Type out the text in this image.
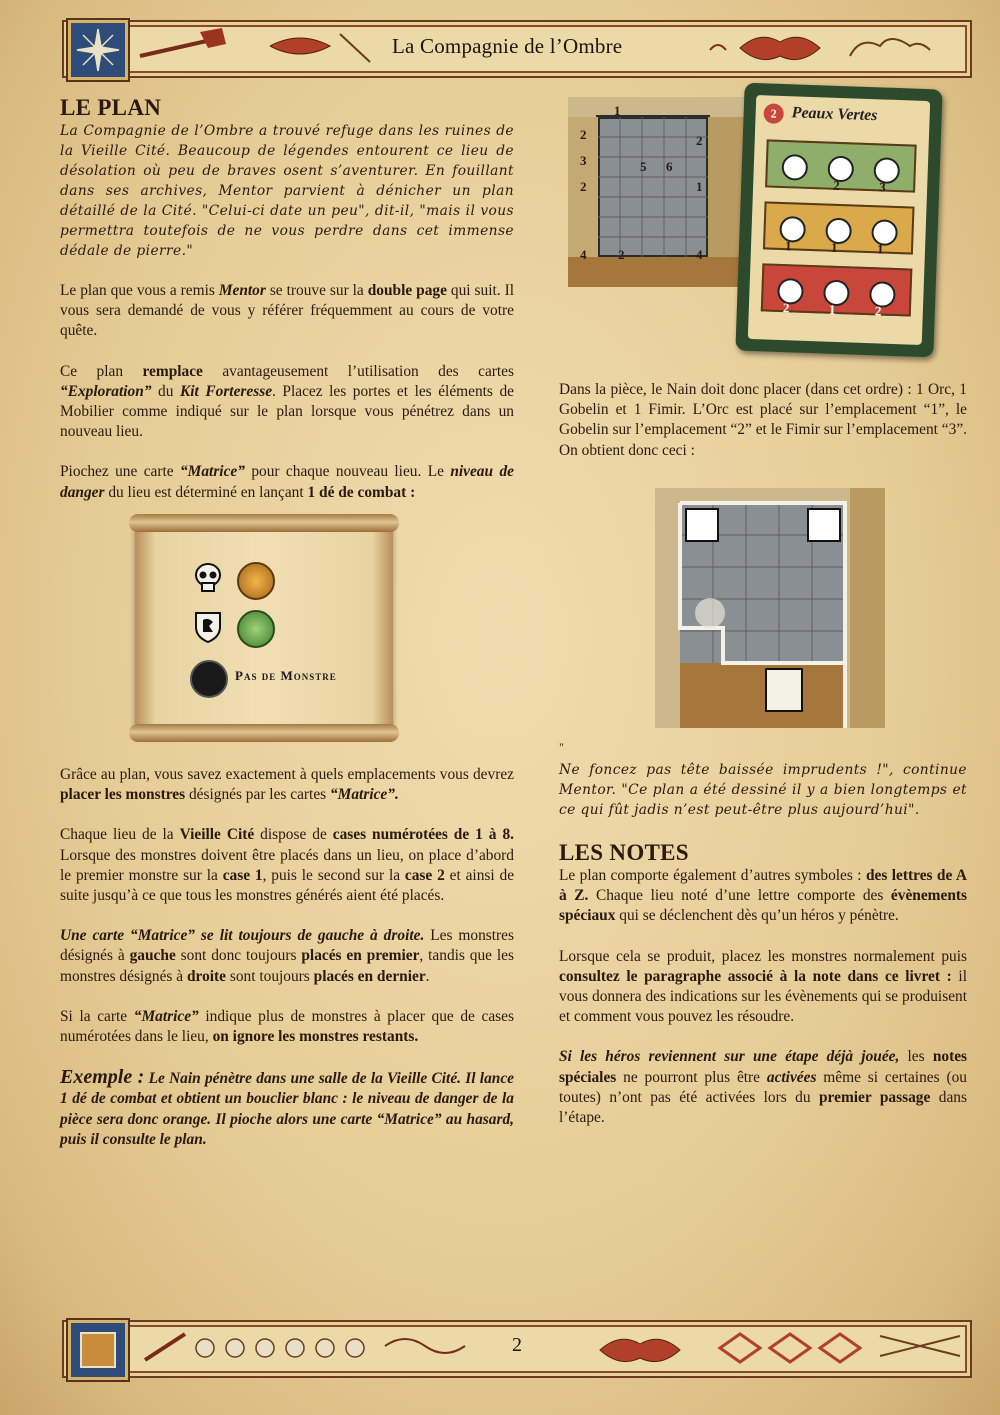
La Compagnie de l’Ombre
LE PLAN

La Compagnie de l’Ombre a trouvé refuge dans les ruines de la Vieille Cité. Beaucoup de légendes entourent ce lieu de désolation où peu de braves osent s’aventurer. En fouillant dans ses archives, Mentor parvient à dénicher un plan détaillé de la Cité. "Celui-ci date un peu", dit-il, "mais il vous permettra toutefois de ne vous perdre dans cet immense dédale de pierre."

Le plan que vous a remis Mentor se trouve sur la double page qui suit. Il vous sera demandé de vous y référer fréquemment au cours de votre quête.

Ce plan remplace avantageusement l’utilisation des cartes “Exploration” du Kit Forteresse. Placez les portes et les éléments de Mobilier comme indiqué sur le plan lorsque vous pénétrez dans un nouveau lieu.

Piochez une carte “Matrice” pour chaque nouveau lieu. Le niveau de danger du lieu est déterminé en lançant 1 dé de combat :

Pas de Monstre

Grâce au plan, vous savez exactement à quels emplacements vous devrez placer les monstres désignés par les cartes “Matrice”.

Chaque lieu de la Vieille Cité dispose de cases numérotées de 1 à 8. Lorsque des monstres doivent être placés dans un lieu, on place d’abord le premier monstre sur la case 1, puis le second sur la case 2 et ainsi de suite jusqu’à ce que tous les monstres générés aient été placés.

Une carte “Matrice” se lit toujours de gauche à droite. Les monstres désignés à gauche sont donc toujours placés en premier, tandis que les monstres désignés à droite sont toujours placés en dernier.

Si la carte “Matrice” indique plus de monstres à placer que de cases numérotées dans le lieu, on ignore les monstres restants.

Exemple : Le Nain pénètre dans une salle de la Vieille Cité. Il lance 1 dé de combat et obtient un bouclier blanc : le niveau de danger de la pièce sera donc orange. Il pioche alors une carte “Matrice” au hasard, puis il consulte le plan.

1
2	2
3	5 6
2	1
4	4
2
2 Peaux Vertes
2	3
1	1	1
2	1	2

Dans la pièce, le Nain doit donc placer (dans cet ordre) : 1 Orc, 1 Gobelin et 1 Fimir. L’Orc est placé sur l’emplacement “1”, le Gobelin sur l’emplacement “2” et le Fimir sur l’emplacement “3”. On obtient donc ceci :

"

Ne foncez pas tête baissée imprudents !", continue Mentor. "Ce plan a été dessiné il y a bien longtemps et ce qui fût jadis n’est peut-être plus aujourd’hui".

LES NOTES

Le plan comporte également d’autres symboles : des lettres de A à Z. Chaque lieu noté d’une lettre comporte des évènements spéciaux qui se déclenchent dès qu’un héros y pénètre.

Lorsque cela se produit, placez les monstres normalement puis consultez le paragraphe associé à la note dans ce livret : il vous donnera des indications sur les évènements qui se produisent et comment vous pouvez les résoudre.

Si les héros reviennent sur une étape déjà jouée, les notes spéciales ne pourront plus être activées même si certaines (ou toutes) n’ont pas été activées lors du premier passage dans l’étape.

2
